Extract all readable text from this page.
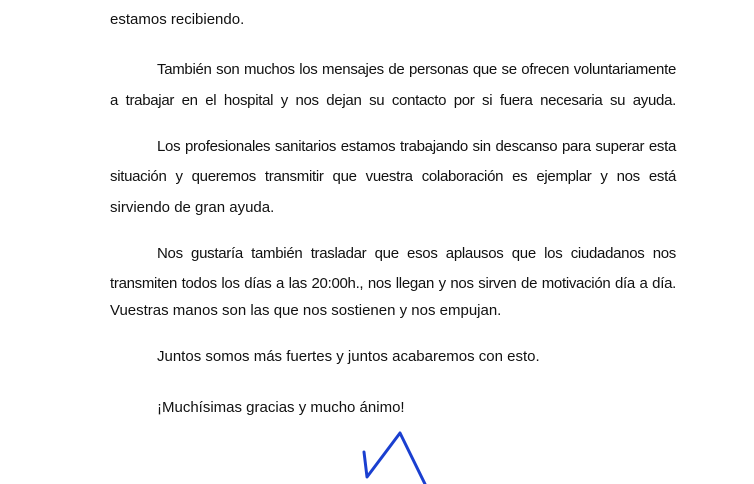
estamos recibiendo.
También son muchos los mensajes de personas que se ofrecen voluntariamente
a trabajar en el hospital y nos dejan su contacto por si fuera necesaria su ayuda.
Los profesionales sanitarios estamos trabajando sin descanso para superar esta
situación y queremos transmitir que vuestra colaboración es ejemplar y nos está
sirviendo de gran ayuda.
Nos gustaría también trasladar que esos aplausos que los ciudadanos nos
transmiten todos los días a las 20:00h., nos llegan y nos sirven de motivación día a día.
Vuestras manos son las que nos sostienen y nos empujan.
Juntos somos más fuertes y juntos acabaremos con esto.
¡Muchísimas gracias y mucho ánimo!
